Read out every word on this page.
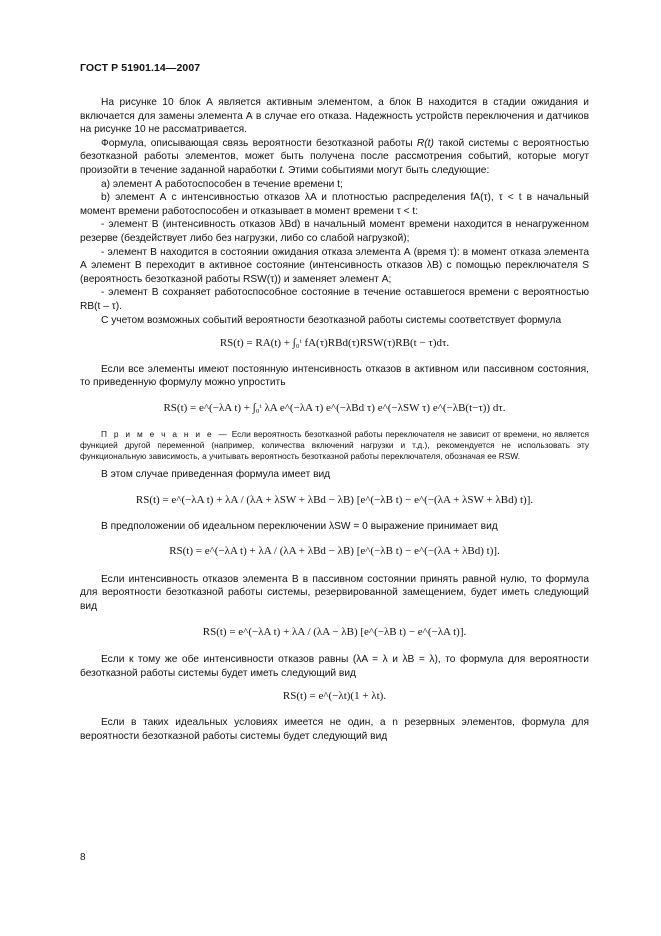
ГОСТ Р 51901.14—2007

На рисунке 10 блок А является активным элементом, а блок В находится в стадии ожидания и включается для замены элемента А в случае его отказа. Надежность устройств переключения и датчиков на рисунке 10 не рассматривается.

Формула, описывающая связь вероятности безотказной работы R(t) такой системы с вероятностью безотказной работы элементов, может быть получена после рассмотрения событий, которые могут произойти в течение заданной наработки t. Этими событиями могут быть следующие:

а) элемент А работоспособен в течение времени t;

b) элемент А с интенсивностью отказов λA и плотностью распределения fA(τ), τ < t в начальный момент времени работоспособен и отказывает в момент времени τ < t:

- элемент В (интенсивность отказов λBd) в начальный момент времени находится в ненагруженном резерве (бездействует либо без нагрузки, либо со слабой нагрузкой);

- элемент В находится в состоянии ожидания отказа элемента А (время τ): в момент отказа элемента А элемент В переходит в активное состояние (интенсивность отказов λB) с помощью переключателя S (вероятность безотказной работы RSW(τ)) и заменяет элемент А;

- элемент В сохраняет работоспособное состояние в течение оставшегося времени с вероятностью RB(t – τ).

С учетом возможных событий вероятности безотказной работы системы соответствует формула

RS(t) = RA(t) + ∫₀ᵗ fA(τ)RBd(τ)RSW(τ)RB(t − τ)dτ.

Если все элементы имеют постоянную интенсивность отказов в активном или пассивном состояния, то приведенную формулу можно упростить

RS(t) = e^(−λA t) + ∫₀ᵗ λA e^(−λA τ) e^(−λBd τ) e^(−λSW τ) e^(−λB(t−τ)) dτ.

П р и м е ч а н и е — Если вероятность безотказной работы переключателя не зависит от времени, но является функцией другой переменной (например, количества включений нагрузки и т.д.), рекомендуется не использовать эту функциональную зависимость, а учитывать вероятность безотказной работы переключателя, обозначая ее RSW.

В этом случае приведенная формула имеет вид

RS(t) = e^(−λA t) + λA / (λA + λSW + λBd − λB) [e^(−λB t) − e^(−(λA + λSW + λBd) t)].

В предположении об идеальном переключении λSW = 0 выражение принимает вид

RS(t) = e^(−λA t) + λA / (λA + λBd − λB) [e^(−λB t) − e^(−(λA + λBd) t)].

Если интенсивность отказов элемента В в пассивном состоянии принять равной нулю, то формула для вероятности безотказной работы системы, резервированной замещением, будет иметь следующий вид

RS(t) = e^(−λA t) + λA / (λA − λB) [e^(−λB t) − e^(−λA t)].

Если к тому же обе интенсивности отказов равны (λA = λ и λB = λ), то формула для вероятности безотказной работы системы будет иметь следующий вид

RS(t) = e^(−λt)(1 + λt).

Если в таких идеальных условиях имеется не один, а n резервных элементов, формула для вероятности безотказной работы системы будет следующий вид

8
